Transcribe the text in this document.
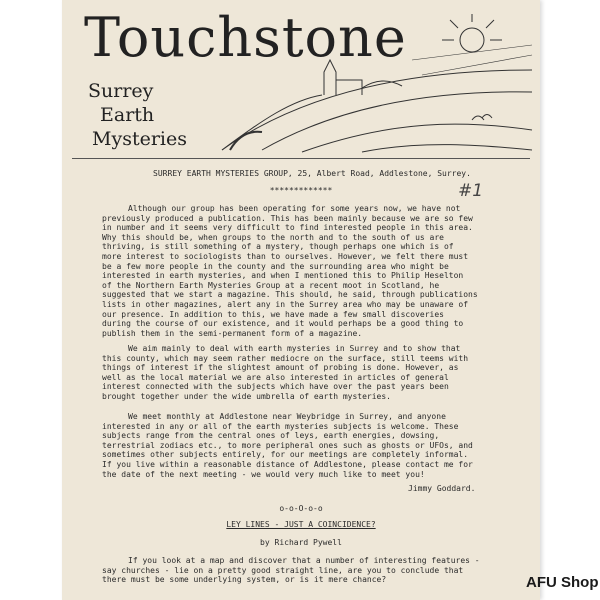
Touchstone
Surrey
Earth
Mysteries
SURREY EARTH MYSTERIES GROUP, 25, Albert Road, Addlestone, Surrey.
*************	#1

Although our group has been operating for some years now, we have not
previously produced a publication. This has been mainly because we are so few
in number and it seems very difficult to find interested people in this area.
Why this should be, when groups to the north and to the south of us are
thriving, is still something of a mystery, though perhaps one which is of
more interest to sociologists than to ourselves. However, we felt there must
be a few more people in the county and the surrounding area who might be
interested in earth mysteries, and when I mentioned this to Philip Heselton
of the Northern Earth Mysteries Group at a recent moot in Scotland, he
suggested that we start a magazine. This should, he said, through publications
lists in other magazines, alert any in the Surrey area who may be unaware of
our presence. In addition to this, we have made a few small discoveries
during the course of our existence, and it would perhaps be a good thing to
publish them in the semi-permanent form of a magazine.

We aim mainly to deal with earth mysteries in Surrey and to show that
this county, which may seem rather mediocre on the surface, still teems with
things of interest if the slightest amount of probing is done. However, as
well as the local material we are also interested in articles of general
interest connected with the subjects which have over the past years been
brought together under the wide umbrella of earth mysteries.

We meet monthly at Addlestone near Weybridge in Surrey, and anyone
interested in any or all of the earth mysteries subjects is welcome. These
subjects range from the central ones of leys, earth energies, dowsing,
terrestrial zodiacs etc., to more peripheral ones such as ghosts or UFOs, and
sometimes other subjects entirely, for our meetings are completely informal.
If you live within a reasonable distance of Addlestone, please contact me for
the date of the next meeting - we would very much like to meet you!

Jimmy Goddard.
o-o-O-o-o
LEY LINES - JUST A COINCIDENCE?
by Richard Pywell

If you look at a map and discover that a number of interesting features -
say churches - lie on a pretty good straight line, are you to conclude that
there must be some underlying system, or is it mere chance?	AFU Shop
